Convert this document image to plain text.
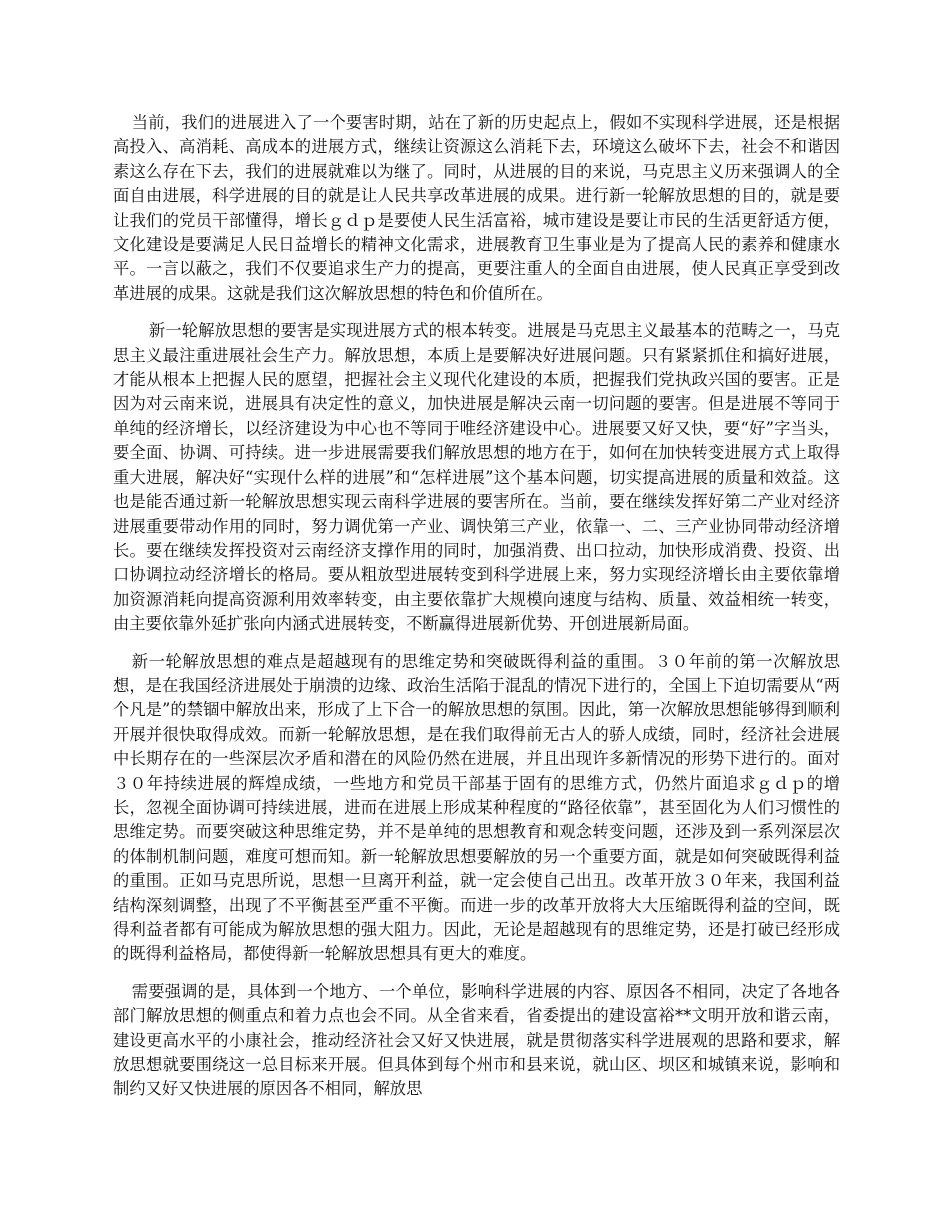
当前，我们的进展进入了一个要害时期，站在了新的历史起点上，假如不实现科学进展，还是根据高投入、高消耗、高成本的进展方式，继续让资源这么消耗下去，环境这么破坏下去，社会不和谐因素这么存在下去，我们的进展就难以为继了。同时，从进展的目的来说，马克思主义历来强调人的全面自由进展，科学进展的目的就是让人民共享改革进展的成果。进行新一轮解放思想的目的，就是要让我们的党员干部懂得，增长ｇｄｐ是要使人民生活富裕，城市建设是要让市民的生活更舒适方便，文化建设是要满足人民日益增长的精神文化需求，进展教育卫生事业是为了提高人民的素养和健康水平。一言以蔽之，我们不仅要追求生产力的提高，更要注重人的全面自由进展，使人民真正享受到改革进展的成果。这就是我们这次解放思想的特色和价值所在。

新一轮解放思想的要害是实现进展方式的根本转变。进展是马克思主义最基本的范畴之一，马克思主义最注重进展社会生产力。解放思想，本质上是要解决好进展问题。只有紧紧抓住和搞好进展，才能从根本上把握人民的愿望，把握社会主义现代化建设的本质，把握我们党执政兴国的要害。正是因为对云南来说，进展具有决定性的意义，加快进展是解决云南一切问题的要害。但是进展不等同于单纯的经济增长，以经济建设为中心也不等同于唯经济建设中心。进展要又好又快，要“好”字当头，要全面、协调、可持续。进一步进展需要我们解放思想的地方在于，如何在加快转变进展方式上取得重大进展，解决好“实现什么样的进展”和“怎样进展”这个基本问题，切实提高进展的质量和效益。这也是能否通过新一轮解放思想实现云南科学进展的要害所在。当前，要在继续发挥好第二产业对经济进展重要带动作用的同时，努力调优第一产业、调快第三产业，依靠一、二、三产业协同带动经济增长。要在继续发挥投资对云南经济支撑作用的同时，加强消费、出口拉动，加快形成消费、投资、出口协调拉动经济增长的格局。要从粗放型进展转变到科学进展上来，努力实现经济增长由主要依靠增加资源消耗向提高资源利用效率转变，由主要依靠扩大规模向速度与结构、质量、效益相统一转变，由主要依靠外延扩张向内涵式进展转变，不断赢得进展新优势、开创进展新局面。

新一轮解放思想的难点是超越现有的思维定势和突破既得利益的重围。３０年前的第一次解放思想，是在我国经济进展处于崩溃的边缘、政治生活陷于混乱的情况下进行的，全国上下迫切需要从“两个凡是”的禁锢中解放出来，形成了上下合一的解放思想的氛围。因此，第一次解放思想能够得到顺利开展并很快取得成效。而新一轮解放思想，是在我们取得前无古人的骄人成绩，同时，经济社会进展中长期存在的一些深层次矛盾和潜在的风险仍然在进展，并且出现许多新情况的形势下进行的。面对３０年持续进展的辉煌成绩，一些地方和党员干部基于固有的思维方式，仍然片面追求ｇｄｐ的增长，忽视全面协调可持续进展，进而在进展上形成某种程度的“路径依靠”，甚至固化为人们习惯性的思维定势。而要突破这种思维定势，并不是单纯的思想教育和观念转变问题，还涉及到一系列深层次的体制机制问题，难度可想而知。新一轮解放思想要解放的另一个重要方面，就是如何突破既得利益的重围。正如马克思所说，思想一旦离开利益，就一定会使自己出丑。改革开放３０年来，我国利益结构深刻调整，出现了不平衡甚至严重不平衡。而进一步的改革开放将大大压缩既得利益的空间，既得利益者都有可能成为解放思想的强大阻力。因此，无论是超越现有的思维定势，还是打破已经形成的既得利益格局，都使得新一轮解放思想具有更大的难度。

需要强调的是，具体到一个地方、一个单位，影响科学进展的内容、原因各不相同，决定了各地各部门解放思想的侧重点和着力点也会不同。从全省来看，省委提出的建设富裕**文明开放和谐云南，建设更高水平的小康社会，推动经济社会又好又快进展，就是贯彻落实科学进展观的思路和要求，解放思想就要围绕这一总目标来开展。但具体到每个州市和县来说，就山区、坝区和城镇来说，影响和制约又好又快进展的原因各不相同，解放思
